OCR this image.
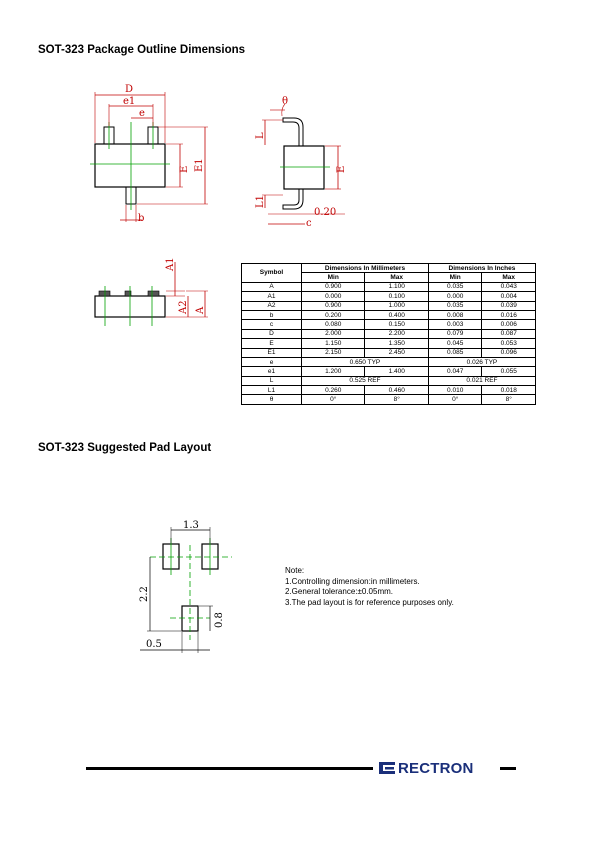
SOT-323 Package Outline Dimensions
SOT-323 Suggested Pad Layout
D
e1
e
E E1
b
θ
L
L1
0.20
c
E
A1
A2 A
1.3
2.2
0.8
0.5
Symbol	Dimensions In Millimeters		Dimensions In Inches	
	Min	Max	Min	Max
A	0.900	1.100	0.035	0.043
A1	0.000	0.100	0.000	0.004
A2	0.900	1.000	0.035	0.039
b	0.200	0.400	0.008	0.016
c	0.080	0.150	0.003	0.006
D	2.000	2.200	0.079	0.087
E	1.150	1.350	0.045	0.053
E1	2.150	2.450	0.085	0.096
e	0.650 TYP		0.026 TYP	
e1	1.200	1.400	0.047	0.055
L	0.525 REF		0.021 REF	
L1	0.260	0.460	0.010	0.018
θ	0°	8°	0°	8°
Note:
1.Controlling dimension:in millimeters.
2.General tolerance:±0.05mm.
3.The pad layout is for reference purposes only.
RECTRON
